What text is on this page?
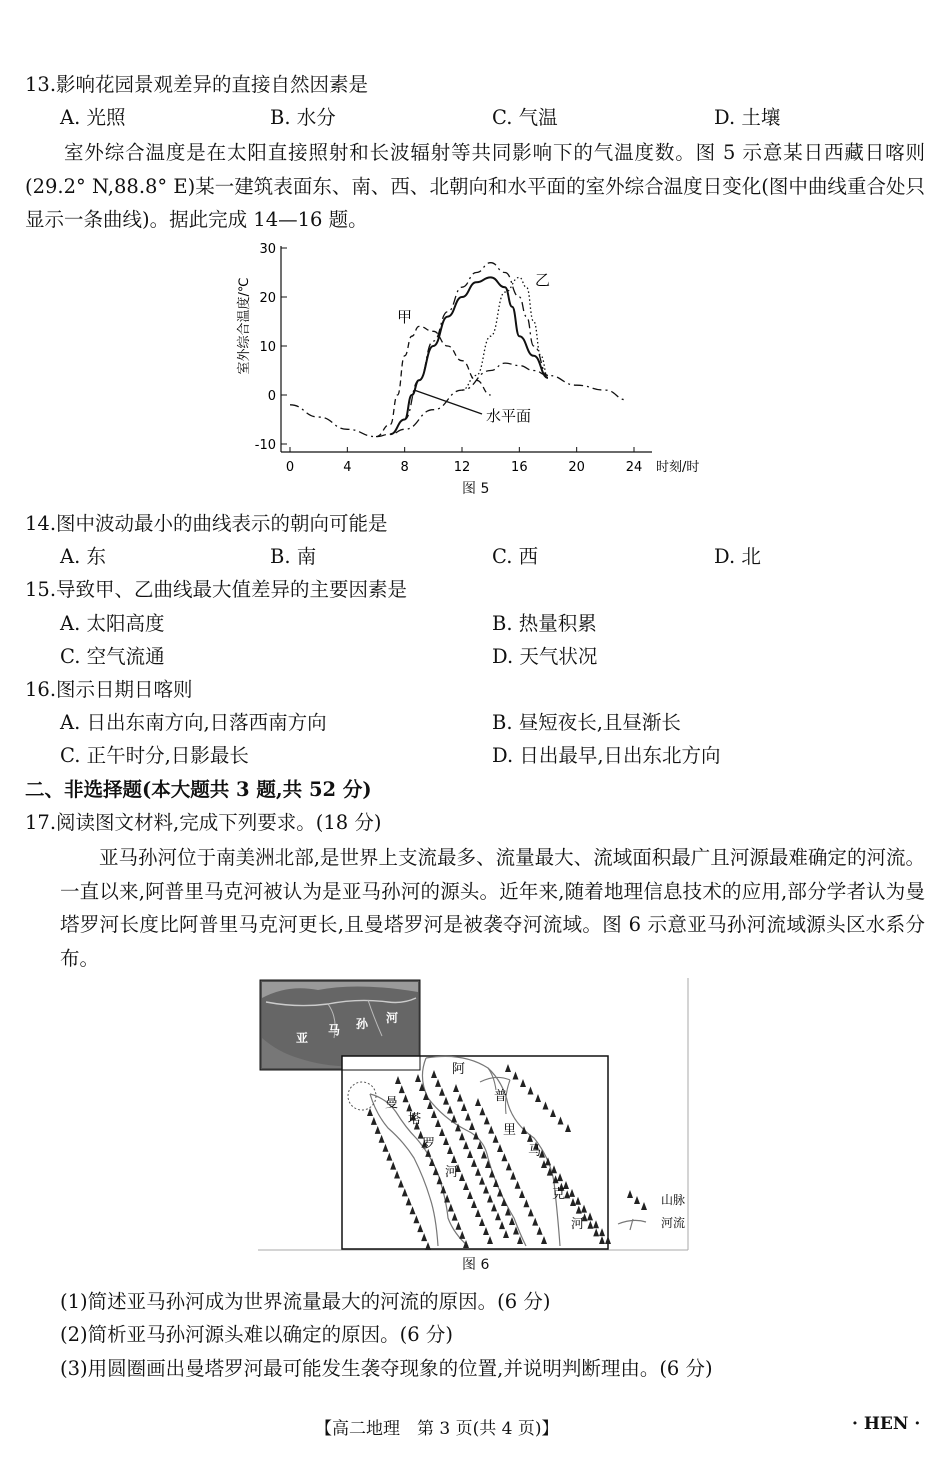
13.影响花园景观差异的直接自然因素是
A. 光照	B. 水分	C. 气温	D. 土壤
室外综合温度是在太阳直接照射和长波辐射等共同影响下的气温度数。图 5 示意某日西藏日喀则(29.2° N,88.8° E)某一建筑表面东、南、西、北朝向和水平面的室外综合温度日变化(图中曲线重合处只显示一条曲线)。据此完成 14—16 题。
-10
0
10
20
30
0	4	8	12	16	20	24 时刻/时
室外综合温度/℃	甲
乙
水平面
图 5
14.图中波动最小的曲线表示的朝向可能是
A. 东	B. 南	C. 西	D. 北
15.导致甲、乙曲线最大值差异的主要因素是
A. 太阳高度	B. 热量积累
C. 空气流通	D. 天气状况
16.图示日期日喀则
A. 日出东南方向,日落西南方向	B. 昼短夜长,且昼渐长
C. 正午时分,日影最长	D. 日出最早,日出东北方向
二、非选择题(本大题共 3 题,共 52 分)
17.阅读图文材料,完成下列要求。(18 分)
亚马孙河位于南美洲北部,是世界上支流最多、流量最大、流域面积最广且河源最难确定的河流。一直以来,阿普里马克河被认为是亚马孙河的源头。近年来,随着地理信息技术的应用,部分学者认为曼塔罗河长度比阿普里马克河更长,且曼塔罗河是被袭夺河流域。图 6 示意亚马孙河流域源头区水系分布。
亚
马 孙 河
曼
塔
罗
河
阿
普
里
马
克
河
山脉
河流
图 6
(1)简述亚马孙河成为世界流量最大的河流的原因。(6 分)
(2)简析亚马孙河源头难以确定的原因。(6 分)
(3)用圆圈画出曼塔罗河最可能发生袭夺现象的位置,并说明判断理由。(6 分)
【高二地理　第 3 页(共 4 页)】	· HEN ·
